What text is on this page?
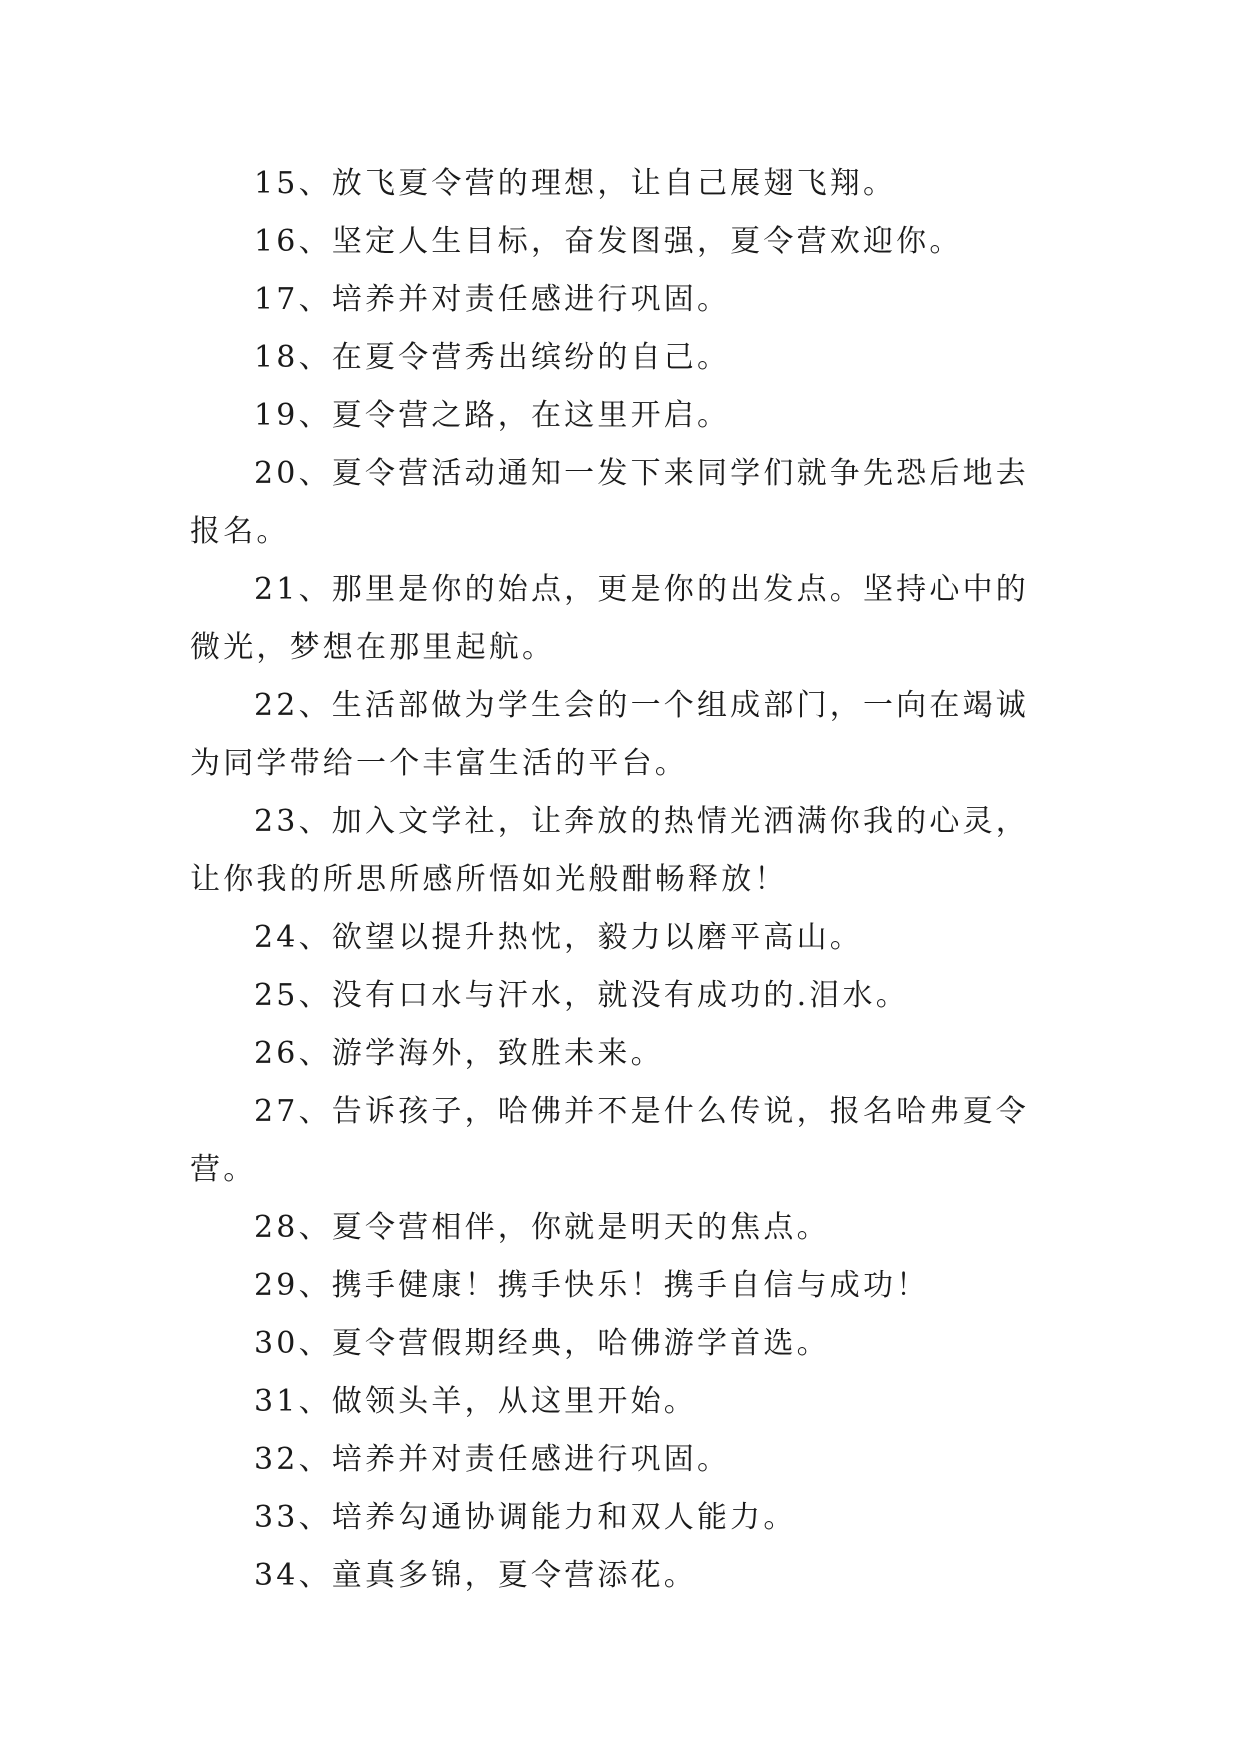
15、放飞夏令营的理想，让自己展翅飞翔。

16、坚定人生目标，奋发图强，夏令营欢迎你。

17、培养并对责任感进行巩固。

18、在夏令营秀出缤纷的自己。

19、夏令营之路，在这里开启。

20、夏令营活动通知一发下来同学们就争先恐后地去报名。

21、那里是你的始点，更是你的出发点。坚持心中的微光，梦想在那里起航。

22、生活部做为学生会的一个组成部门，一向在竭诚为同学带给一个丰富生活的平台。

23、加入文学社，让奔放的热情光洒满你我的心灵，让你我的所思所感所悟如光般酣畅释放！

24、欲望以提升热忱，毅力以磨平高山。

25、没有口水与汗水，就没有成功的.泪水。

26、游学海外，致胜未来。

27、告诉孩子，哈佛并不是什么传说，报名哈弗夏令营。

28、夏令营相伴，你就是明天的焦点。

29、携手健康！携手快乐！携手自信与成功！

30、夏令营假期经典，哈佛游学首选。

31、做领头羊，从这里开始。

32、培养并对责任感进行巩固。

33、培养勾通协调能力和双人能力。

34、童真多锦，夏令营添花。
